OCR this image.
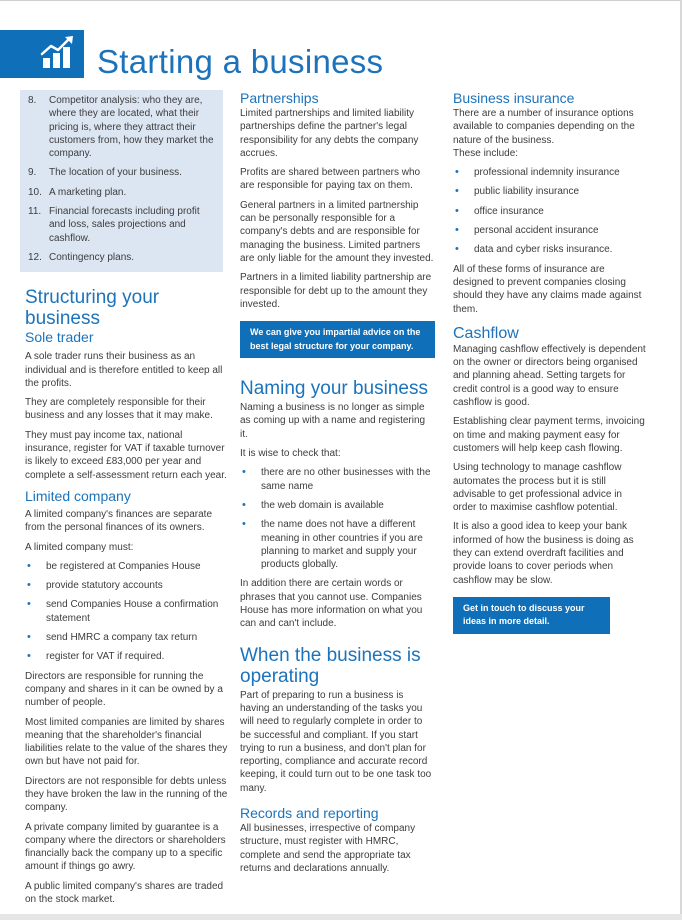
Starting a business
8.	Competitor analysis: who they are, where they are located, what their pricing is, where they attract their customers from, how they market the company.
9.	The location of your business.
10. A marketing plan.
11. Financial forecasts including profit and loss, sales projections and cashflow.
12. Contingency plans.
Structuring your business
Sole trader

A sole trader runs their business as an individual and is therefore entitled to keep all the profits.

They are completely responsible for their business and any losses that it may make.

They must pay income tax, national insurance, register for VAT if taxable turnover is likely to exceed £83,000 per year and complete a self-assessment return each year.

Limited company

A limited company's finances are separate from the personal finances of its owners.

A limited company must:

• be registered at Companies House
• provide statutory accounts
• send Companies House a confirmation statement
• send HMRC a company tax return
• register for VAT if required.

Directors are responsible for running the company and shares in it can be owned by a number of people.

Most limited companies are limited by shares meaning that the shareholder's financial liabilities relate to the value of the shares they own but have not paid for.

Directors are not responsible for debts unless they have broken the law in the running of the company.

A private company limited by guarantee is a company where the directors or shareholders financially back the company up to a specific amount if things go awry.

A public limited company's shares are traded on the stock market.

Partnerships

Limited partnerships and limited liability partnerships define the partner's legal responsibility for any debts the company accrues.

Profits are shared between partners who are responsible for paying tax on them.

General partners in a limited partnership can be personally responsible for a company's debts and are responsible for managing the business. Limited partners are only liable for the amount they invested.

Partners in a limited liability partnership are responsible for debt up to the amount they invested.

We can give you impartial advice on the best legal structure for your company.
Naming your business

Naming a business is no longer as simple as coming up with a name and registering it.

It is wise to check that:

• there are no other businesses with the same name
• the web domain is available
• the name does not have a different meaning in other countries if you are planning to market and supply your products globally.

In addition there are certain words or phrases that you cannot use. Companies House has more information on what you can and can't include.

When the business is operating

Part of preparing to run a business is having an understanding of the tasks you will need to regularly complete in order to be successful and compliant. If you start trying to run a business, and don't plan for reporting, compliance and accurate record keeping, it could turn out to be one task too many.

Records and reporting

All businesses, irrespective of company structure, must register with HMRC, complete and send the appropriate tax returns and declarations annually.

Business insurance

There are a number of insurance options available to companies depending on the nature of the business.

These include:

• professional indemnity insurance
• public liability insurance
• office insurance
• personal accident insurance
• data and cyber risks insurance.

All of these forms of insurance are designed to prevent companies closing should they have any claims made against them.

Cashflow

Managing cashflow effectively is dependent on the owner or directors being organised and planning ahead. Setting targets for credit control is a good way to ensure cashflow is good.

Establishing clear payment terms, invoicing on time and making payment easy for customers will help keep cash flowing.

Using technology to manage cashflow automates the process but it is still advisable to get professional advice in order to maximise cashflow potential.

It is also a good idea to keep your bank informed of how the business is doing as they can extend overdraft facilities and provide loans to cover periods when cashflow may be slow.

Get in touch to discuss your ideas in more detail.
